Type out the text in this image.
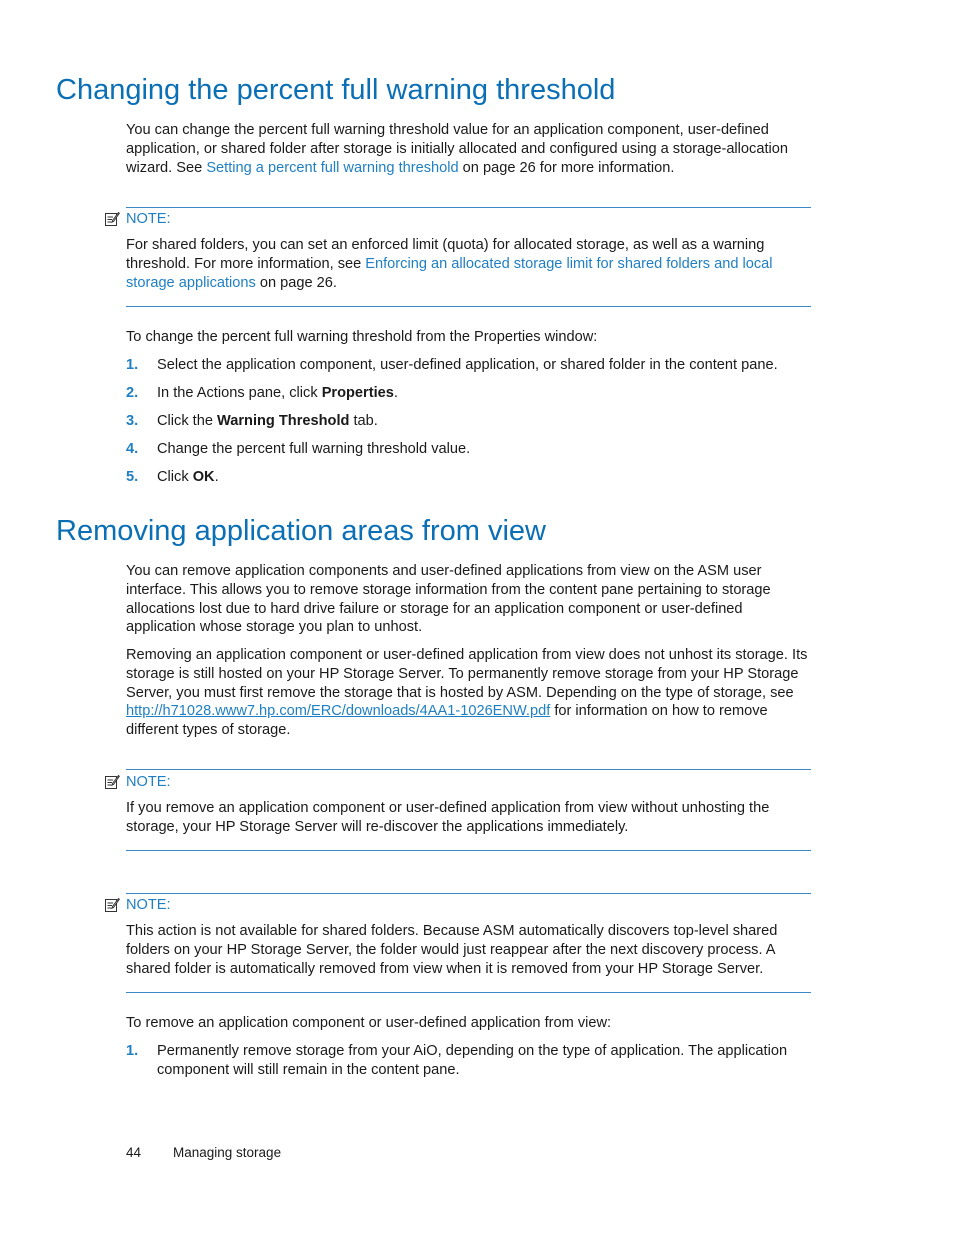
Changing the percent full warning threshold

You can change the percent full warning threshold value for an application component, user-defined application, or shared folder after storage is initially allocated and configured using a storage-allocation wizard. See Setting a percent full warning threshold on page 26 for more information.

NOTE:

For shared folders, you can set an enforced limit (quota) for allocated storage, as well as a warning threshold. For more information, see Enforcing an allocated storage limit for shared folders and local storage applications on page 26.

To change the percent full warning threshold from the Properties window:

1. Select the application component, user-defined application, or shared folder in the content pane.
2. In the Actions pane, click Properties.
3. Click the Warning Threshold tab.
4. Change the percent full warning threshold value.
5. Click OK.
Removing application areas from view

You can remove application components and user-defined applications from view on the ASM user interface. This allows you to remove storage information from the content pane pertaining to storage allocations lost due to hard drive failure or storage for an application component or user-defined application whose storage you plan to unhost.

Removing an application component or user-defined application from view does not unhost its storage. Its storage is still hosted on your HP Storage Server. To permanently remove storage from your HP Storage Server, you must first remove the storage that is hosted by ASM. Depending on the type of storage, see http://h71028.www7.hp.com/ERC/downloads/4AA1-1026ENW.pdf for information on how to remove different types of storage.

NOTE:

If you remove an application component or user-defined application from view without unhosting the storage, your HP Storage Server will re-discover the applications immediately.

NOTE:

This action is not available for shared folders. Because ASM automatically discovers top-level shared folders on your HP Storage Server, the folder would just reappear after the next discovery process. A shared folder is automatically removed from view when it is removed from your HP Storage Server.

To remove an application component or user-defined application from view:

1. Permanently remove storage from your AiO, depending on the type of application. The application component will still remain in the content pane.
44 Managing storage
